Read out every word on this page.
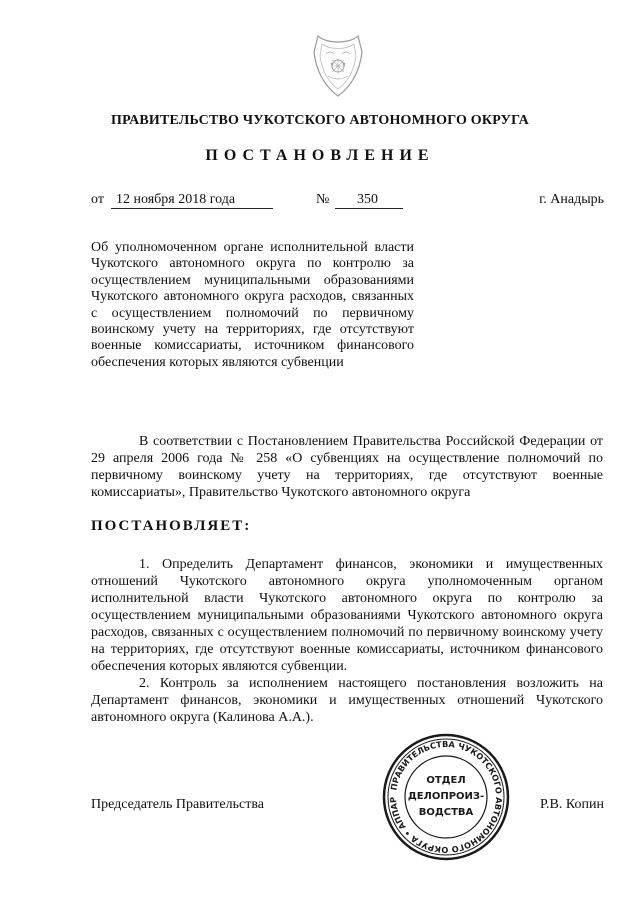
ПРАВИТЕЛЬСТВО ЧУКОТСКОГО АВТОНОМНОГО ОКРУГА
ПОСТАНОВЛЕНИЕ
от 12 ноября 2018 года	№	350	г. Анадырь
Об уполномоченном органе исполнительной власти Чукотского автономного округа по контролю за осуществлением муниципальными образованиями Чукотского автономного округа расходов, связанных с осуществлением полномочий по первичному воинскому учету на территориях, где отсутствуют военные комиссариаты, источником финансового обеспечения которых являются субвенции

В соответствии с Постановлением Правительства Российской Федерации от 29 апреля 2006 года № 258 «О субвенциях на осуществление полномочий по первичному воинскому учету на территориях, где отсутствуют военные комиссариаты», Правительство Чукотского автономного округа

ПОСТАНОВЛЯЕТ:

1. Определить Департамент финансов, экономики и имущественных отношений Чукотского автономного округа уполномоченным органом исполнительной власти Чукотского автономного округа по контролю за осуществлением муниципальными образованиями Чукотского автономного округа расходов, связанных с осуществлением полномочий по первичному воинскому учету на территориях, где отсутствуют военные комиссариаты, источником финансового обеспечения которых являются субвенции.

2. Контроль за исполнением настоящего постановления возложить на Департамент финансов, экономики и имущественных отношений Чукотского автономного округа (Калинова А.А.).

Председатель Правительства	Р.В. Копин
ПРАВИТЕЛЬСТВА ЧУКОТСКОГО АВТОНОМНОГО ОКРУГА • АППАР
ОТДЕЛ
ДЕЛОПРОИЗ-
ВОДСТВА
